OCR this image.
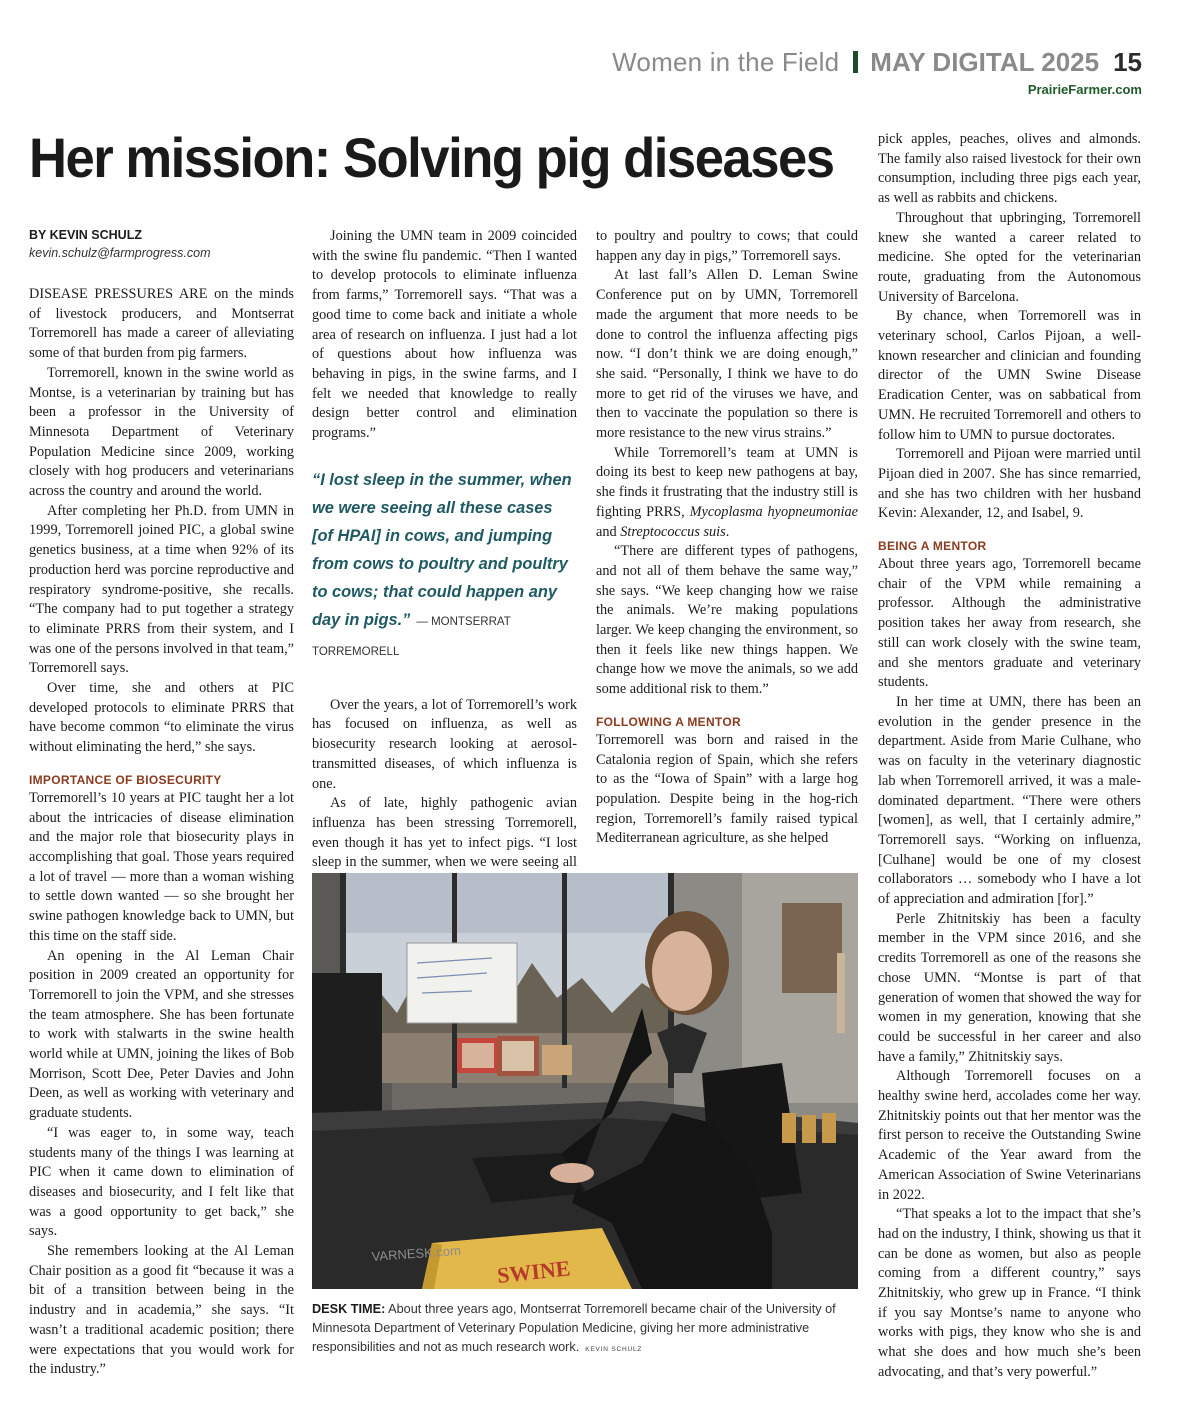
Women in the Field MAY DIGITAL 2025 15
PrairieFarmer.com
Her mission: Solving pig diseases
BY KEVIN SCHULZ
kevin.schulz@farmprogress.com

DISEASE PRESSURES ARE on the minds of livestock producers, and Montserrat Torremorell has made a career of alleviating some of that burden from pig farmers.

Torremorell, known in the swine world as Montse, is a veterinarian by training but has been a professor in the University of Minnesota Department of Veterinary Population Medicine since 2009, working closely with hog producers and veterinarians across the country and around the world.

After completing her Ph.D. from UMN in 1999, Torremorell joined PIC, a global swine genetics business, at a time when 92% of its production herd was porcine reproductive and respiratory syndrome-positive, she recalls. “The company had to put together a strategy to eliminate PRRS from their system, and I was one of the persons involved in that team,” Torremorell says.

Over time, she and others at PIC developed protocols to eliminate PRRS that have become common “to eliminate the virus without eliminating the herd,” she says.

IMPORTANCE OF BIOSECURITY

Torremorell’s 10 years at PIC taught her a lot about the intricacies of disease elimination and the major role that biosecurity plays in accomplishing that goal. Those years required a lot of travel — more than a woman wishing to settle down wanted — so she brought her swine pathogen knowledge back to UMN, but this time on the staff side.

An opening in the Al Leman Chair position in 2009 created an opportunity for Torremorell to join the VPM, and she stresses the team atmosphere. She has been fortunate to work with stalwarts in the swine health world while at UMN, joining the likes of Bob Morrison, Scott Dee, Peter Davies and John Deen, as well as working with veterinary and graduate students.

“I was eager to, in some way, teach students many of the things I was learning at PIC when it came down to elimination of diseases and biosecurity, and I felt like that was a good opportunity to get back,” she says.

She remembers looking at the Al Leman Chair position as a good fit “because it was a bit of a transition between being in the industry and in academia,” she says. “It wasn’t a traditional academic position; there were expectations that you would work for the industry.”

Joining the UMN team in 2009 coincided with the swine flu pandemic. “Then I wanted to develop protocols to eliminate influenza from farms,” Torremorell says. “That was a good time to come back and initiate a whole area of research on influenza. I just had a lot of questions about how influenza was behaving in pigs, in the swine farms, and I felt we needed that knowledge to really design better control and elimination programs.”

“I lost sleep in the summer, when we were seeing all these cases [of HPAI] in cows, and jumping from cows to poultry and poultry to cows; that could happen any day in pigs.” — MONTSERRAT TORREMORELL

Over the years, a lot of Torremorell’s work has focused on influenza, as well as biosecurity research looking at aerosol-transmitted diseases, of which influenza is one.

As of late, highly pathogenic avian influenza has been stressing Torremorell, even though it has yet to infect pigs. “I lost sleep in the summer, when we were seeing all

to poultry and poultry to cows; that could happen any day in pigs,” Torremorell says.

At last fall’s Allen D. Leman Swine Conference put on by UMN, Torremorell made the argument that more needs to be done to control the influenza affecting pigs now. “I don’t think we are doing enough,” she said. “Personally, I think we have to do more to get rid of the viruses we have, and then to vaccinate the population so there is more resistance to the new virus strains.”

While Torremorell’s team at UMN is doing its best to keep new pathogens at bay, she finds it frustrating that the industry still is fighting PRRS, Mycoplasma hyopneumoniae and Streptococcus suis.

“There are different types of pathogens, and not all of them behave the same way,” she says. “We keep changing how we raise the animals. We’re making populations larger. We keep changing the environment, so then it feels like new things happen. We change how we move the animals, so we add some additional risk to them.”

FOLLOWING A MENTOR

Torremorell was born and raised in the Catalonia region of Spain, which she refers to as the “Iowa of Spain” with a large hog population. Despite being in the hog-rich region, Torremorell’s family raised typical Mediterranean agriculture, as she helped

pick apples, peaches, olives and almonds. The family also raised livestock for their own consumption, including three pigs each year, as well as rabbits and chickens.

Throughout that upbringing, Torremorell knew she wanted a career related to medicine. She opted for the veterinarian route, graduating from the Autonomous University of Barcelona.

By chance, when Torremorell was in veterinary school, Carlos Pijoan, a well-known researcher and clinician and founding director of the UMN Swine Disease Eradication Center, was on sabbatical from UMN. He recruited Torremorell and others to follow him to UMN to pursue doctorates.

Torremorell and Pijoan were married until Pijoan died in 2007. She has since remarried, and she has two children with her husband Kevin: Alexander, 12, and Isabel, 9.

BEING A MENTOR

About three years ago, Torremorell became chair of the VPM while remaining a professor. Although the administrative position takes her away from research, she still can work closely with the swine team, and she mentors graduate and veterinary students.

In her time at UMN, there has been an evolution in the gender presence in the department. Aside from Marie Culhane, who was on faculty in the veterinary diagnostic lab when Torremorell arrived, it was a male-dominated department. “There were others [women], as well, that I certainly admire,” Torremorell says. “Working on influenza, [Culhane] would be one of my closest collaborators … somebody who I have a lot of appreciation and admiration [for].”

Perle Zhitnitskiy has been a faculty member in the VPM since 2016, and she credits Torremorell as one of the reasons she chose UMN. “Montse is part of that generation of women that showed the way for women in my generation, knowing that she could be successful in her career and also have a family,” Zhitnitskiy says.

Although Torremorell focuses on a healthy swine herd, accolades come her way. Zhitnitskiy points out that her mentor was the first person to receive the Outstanding Swine Academic of the Year award from the American Association of Swine Veterinarians in 2022.

“That speaks a lot to the impact that she’s had on the industry, I think, showing us that it can be done as women, but also as people coming from a different country,” says Zhitnitskiy, who grew up in France. “I think if you say Montse’s name to anyone who works with pigs, they know who she is and what she does and how much she’s been advocating, and that’s very powerful.”

SWINE
VARNESK.com
DESK TIME: About three years ago, Montserrat Torremorell became chair of the University of Minnesota Department of Veterinary Population Medicine, giving her more administrative responsibilities and not as much research work. KEVIN SCHULZ
